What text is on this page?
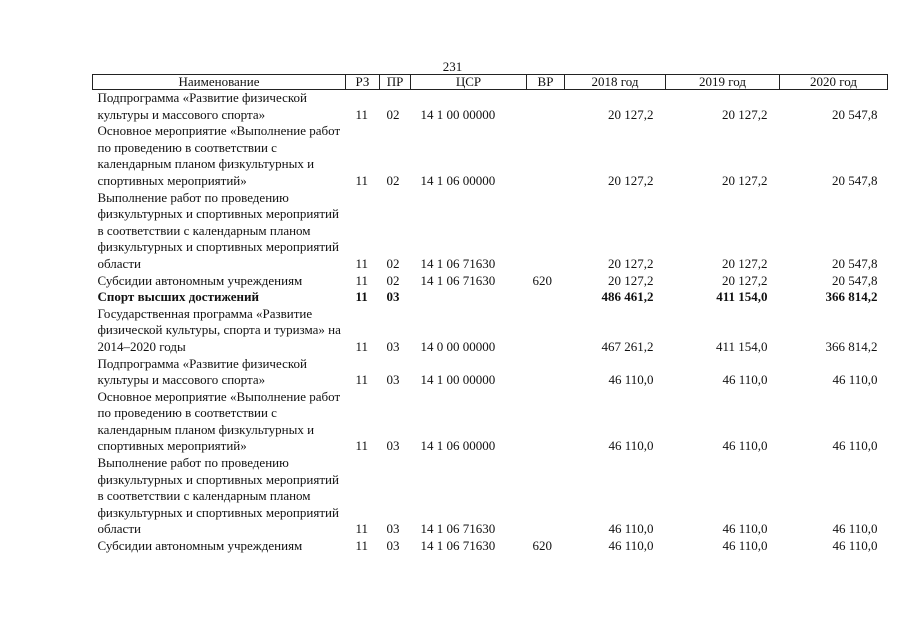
231
Наименование	РЗ	ПР	ЦСР	ВР	2018 год	2019 год	2020 год
Подпрограмма «Развитие физической культуры и массового спорта»	11	02	14 1 00 00000		20 127,2	20 127,2	20 547,8
Основное мероприятие «Выполнение работ по проведению в соответствии с календарным планом физкультурных и спортивных мероприятий»	11	02	14 1 06 00000		20 127,2	20 127,2	20 547,8
Выполнение работ по проведению физкультурных и спортивных мероприятий в соответствии с календарным планом физкультурных и спортивных мероприятий области	11	02	14 1 06 71630		20 127,2	20 127,2	20 547,8
Субсидии автономным учреждениям	11	02	14 1 06 71630	620	20 127,2	20 127,2	20 547,8
Спорт высших достижений	11	03			486 461,2	411 154,0	366 814,2
Государственная программа «Развитие физической культуры, спорта и туризма» на 2014–2020 годы	11	03	14 0 00 00000		467 261,2	411 154,0	366 814,2
Подпрограмма «Развитие физической культуры и массового спорта»	11	03	14 1 00 00000		46 110,0	46 110,0	46 110,0
Основное мероприятие «Выполнение работ по проведению в соответствии с календарным планом физкультурных и спортивных мероприятий»	11	03	14 1 06 00000		46 110,0	46 110,0	46 110,0
Выполнение работ по проведению физкультурных и спортивных мероприятий в соответствии с календарным планом физкультурных и спортивных мероприятий области	11	03	14 1 06 71630		46 110,0	46 110,0	46 110,0
Субсидии автономным учреждениям	11	03	14 1 06 71630	620	46 110,0	46 110,0	46 110,0
